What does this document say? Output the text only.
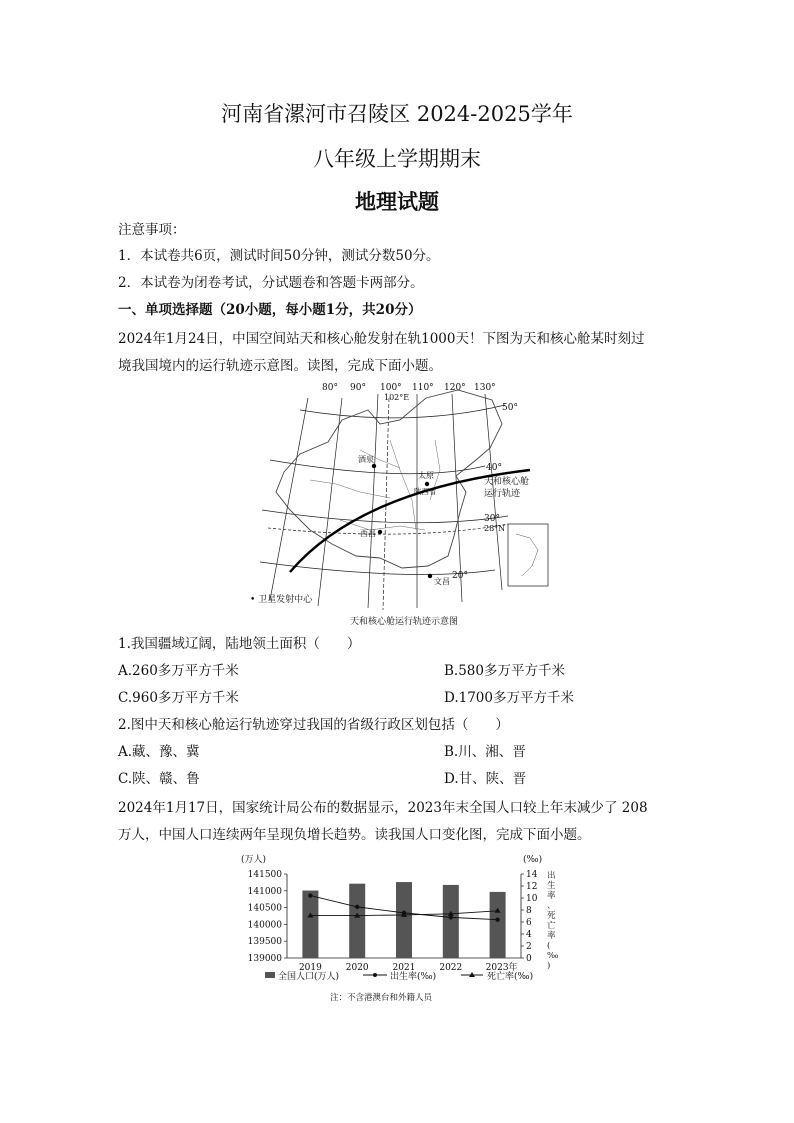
河南省漯河市召陵区 2024-2025学年
八年级上学期期末
地理试题
注意事项：
1．本试卷共6页，测试时间50分钟，测试分数50分。
2．本试卷为闭卷考试，分试题卷和答题卡两部分。
一、单项选择题（20小题，每小题1分，共20分）
2024年1月24日，中国空间站天和核心舱发射在轨1000天！下图为天和核心舱某时刻过
境我国境内的运行轨迹示意图。读图，完成下面小题。
80° 90° 100° 110° 120° 130°
102°E
50°
40°
30°
28°N
20°
酒泉
太原
陕西省
西昌
文昌
天和核心舱
运行轨迹
• 卫星发射中心
天和核心舱运行轨迹示意图
1.我国疆域辽阔，陆地领土面积（　　）
A.260多万平方千米	B.580多万平方千米
C.960多万平方千米	D.1700多万平方千米
2.图中天和核心舱运行轨迹穿过我国的省级行政区划包括（　　）
A.藏、豫、冀	B.川、湘、晋
C.陕、赣、鲁	D.甘、陕、晋
2024年1月17日，国家统计局公布的数据显示，2023年末全国人口较上年末减少了 208
万人，中国人口连续两年呈现负增长趋势。读我国人口变化图，完成下面小题。
141500
141000
140500
140000
139500
139000
14
12
10
8
6
4
2
0
2019	2020	2021	2022	2023年
(万人)	(‰)
出
生
率
、
死
亡
率
(
‰
)
全国人口(万人)	出生率(‰)	死亡率(‰)
注：不含港澳台和外籍人员
